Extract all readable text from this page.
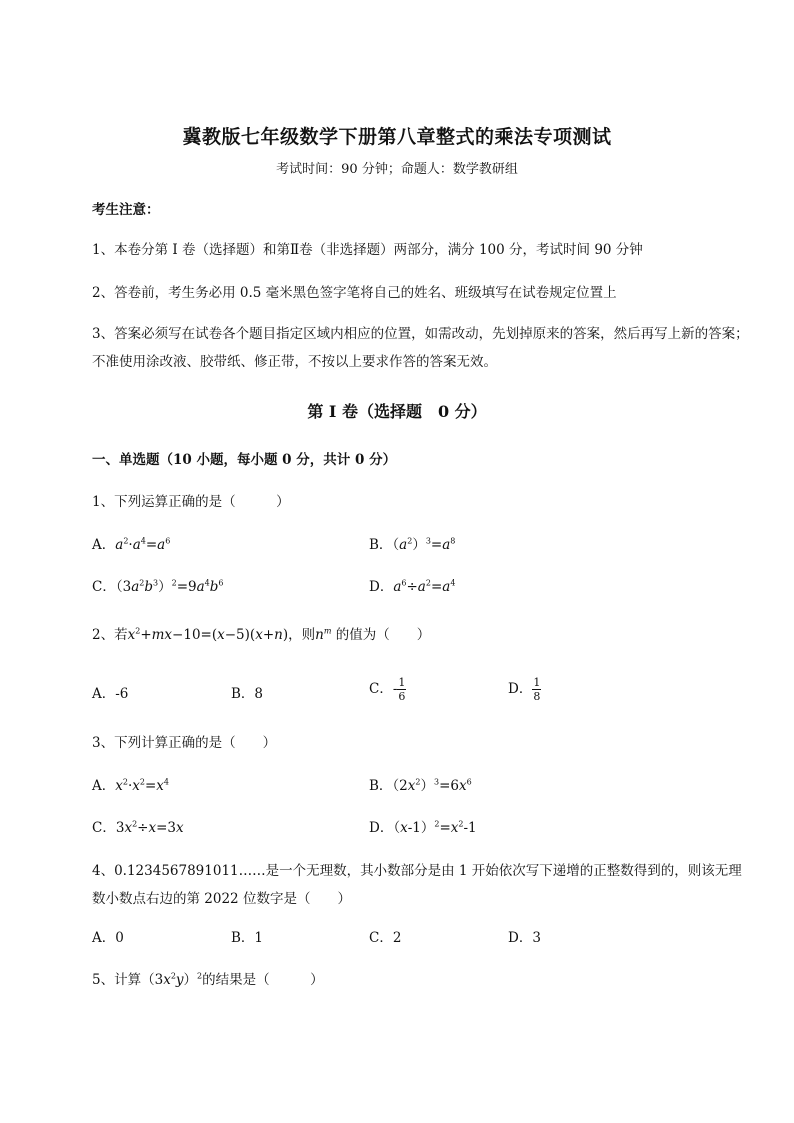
冀教版七年级数学下册第八章整式的乘法专项测试
考试时间：90 分钟；命题人：数学教研组
考生注意：
1、本卷分第 I 卷（选择题）和第Ⅱ卷（非选择题）两部分，满分 100 分，考试时间 90 分钟
2、答卷前，考生务必用 0.5 毫米黑色签字笔将自己的姓名、班级填写在试卷规定位置上
3、答案必须写在试卷各个题目指定区域内相应的位置，如需改动，先划掉原来的答案，然后再写上新的答案；不准使用涂改液、胶带纸、修正带，不按以上要求作答的答案无效。
第 I 卷（选择题　0 分）
一、单选题（10 小题，每小题 0 分，共计 0 分）
1、下列运算正确的是（　　　）
A．$a^2\cdot a^4=a^6$	B．$(a^2)^3=a^8$
C．$(3a^2b^3)^2=9a^4b^6$	D．$a^6\div a^2=a^4$
2、若$x^2+mx-10=(x-5)(x+n)$，则$n^m$ 的值为（　　）
A．-6	B．8	C．- $\frac{1}{6}$	D． $\frac{1}{8}$
3、下列计算正确的是（　　）
A．$x^2\cdot x^2=x^4$	B．$(2x^2)^3=6x^6$
C．$3x^2\div x=3x$	D．$(x-1)^2=x^2-1$
4、0.1234567891011……是一个无理数，其小数部分是由 1 开始依次写下递增的正整数得到的，则该无理数小数点右边的第 2022 位数字是（　　）
A．0	B．1	C．2	D．3
5、计算$(3x^2y)^2$的结果是（　　　）
